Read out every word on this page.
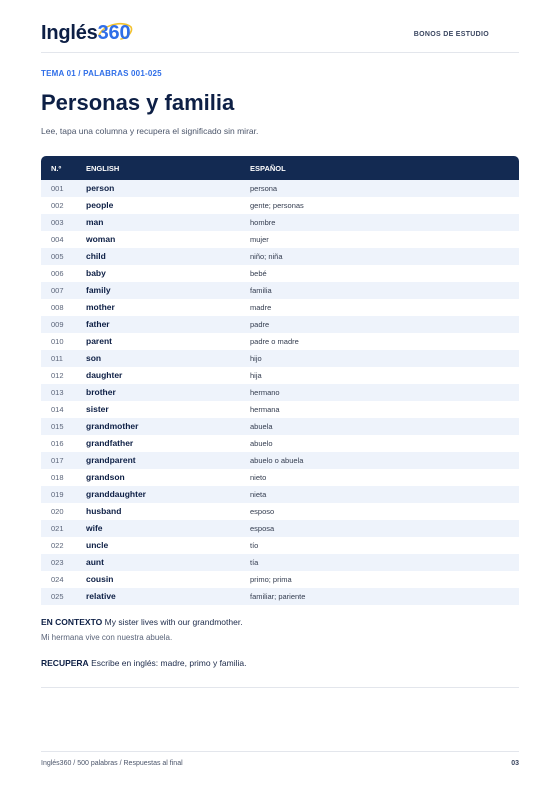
Inglés
360	BONOS DE ESTUDIO
TEMA 01 / PALABRAS 001-025
Personas y familia
Lee, tapa una columna y recupera el significado sin mirar.
N.º	ENGLISH	ESPAÑOL
001	person	persona
002	people	gente; personas
003	man	hombre
004	woman	mujer
005	child	niño; niña
006	baby	bebé
007	family	familia
008	mother	madre
009	father	padre
010	parent	padre o madre
011	son	hijo
012	daughter	hija
013	brother	hermano
014	sister	hermana
015	grandmother	abuela
016	grandfather	abuelo
017	grandparent	abuelo o abuela
018	grandson	nieto
019	granddaughter	nieta
020	husband	esposo
021	wife	esposa
022	uncle	tío
023	aunt	tía
024	cousin	primo; prima
025	relative	familiar; pariente
EN CONTEXTO My sister lives with our grandmother.
Mi hermana vive con nuestra abuela.
RECUPERA Escribe en inglés: madre, primo y familia.
Inglés360 / 500 palabras / Respuestas al final	03
